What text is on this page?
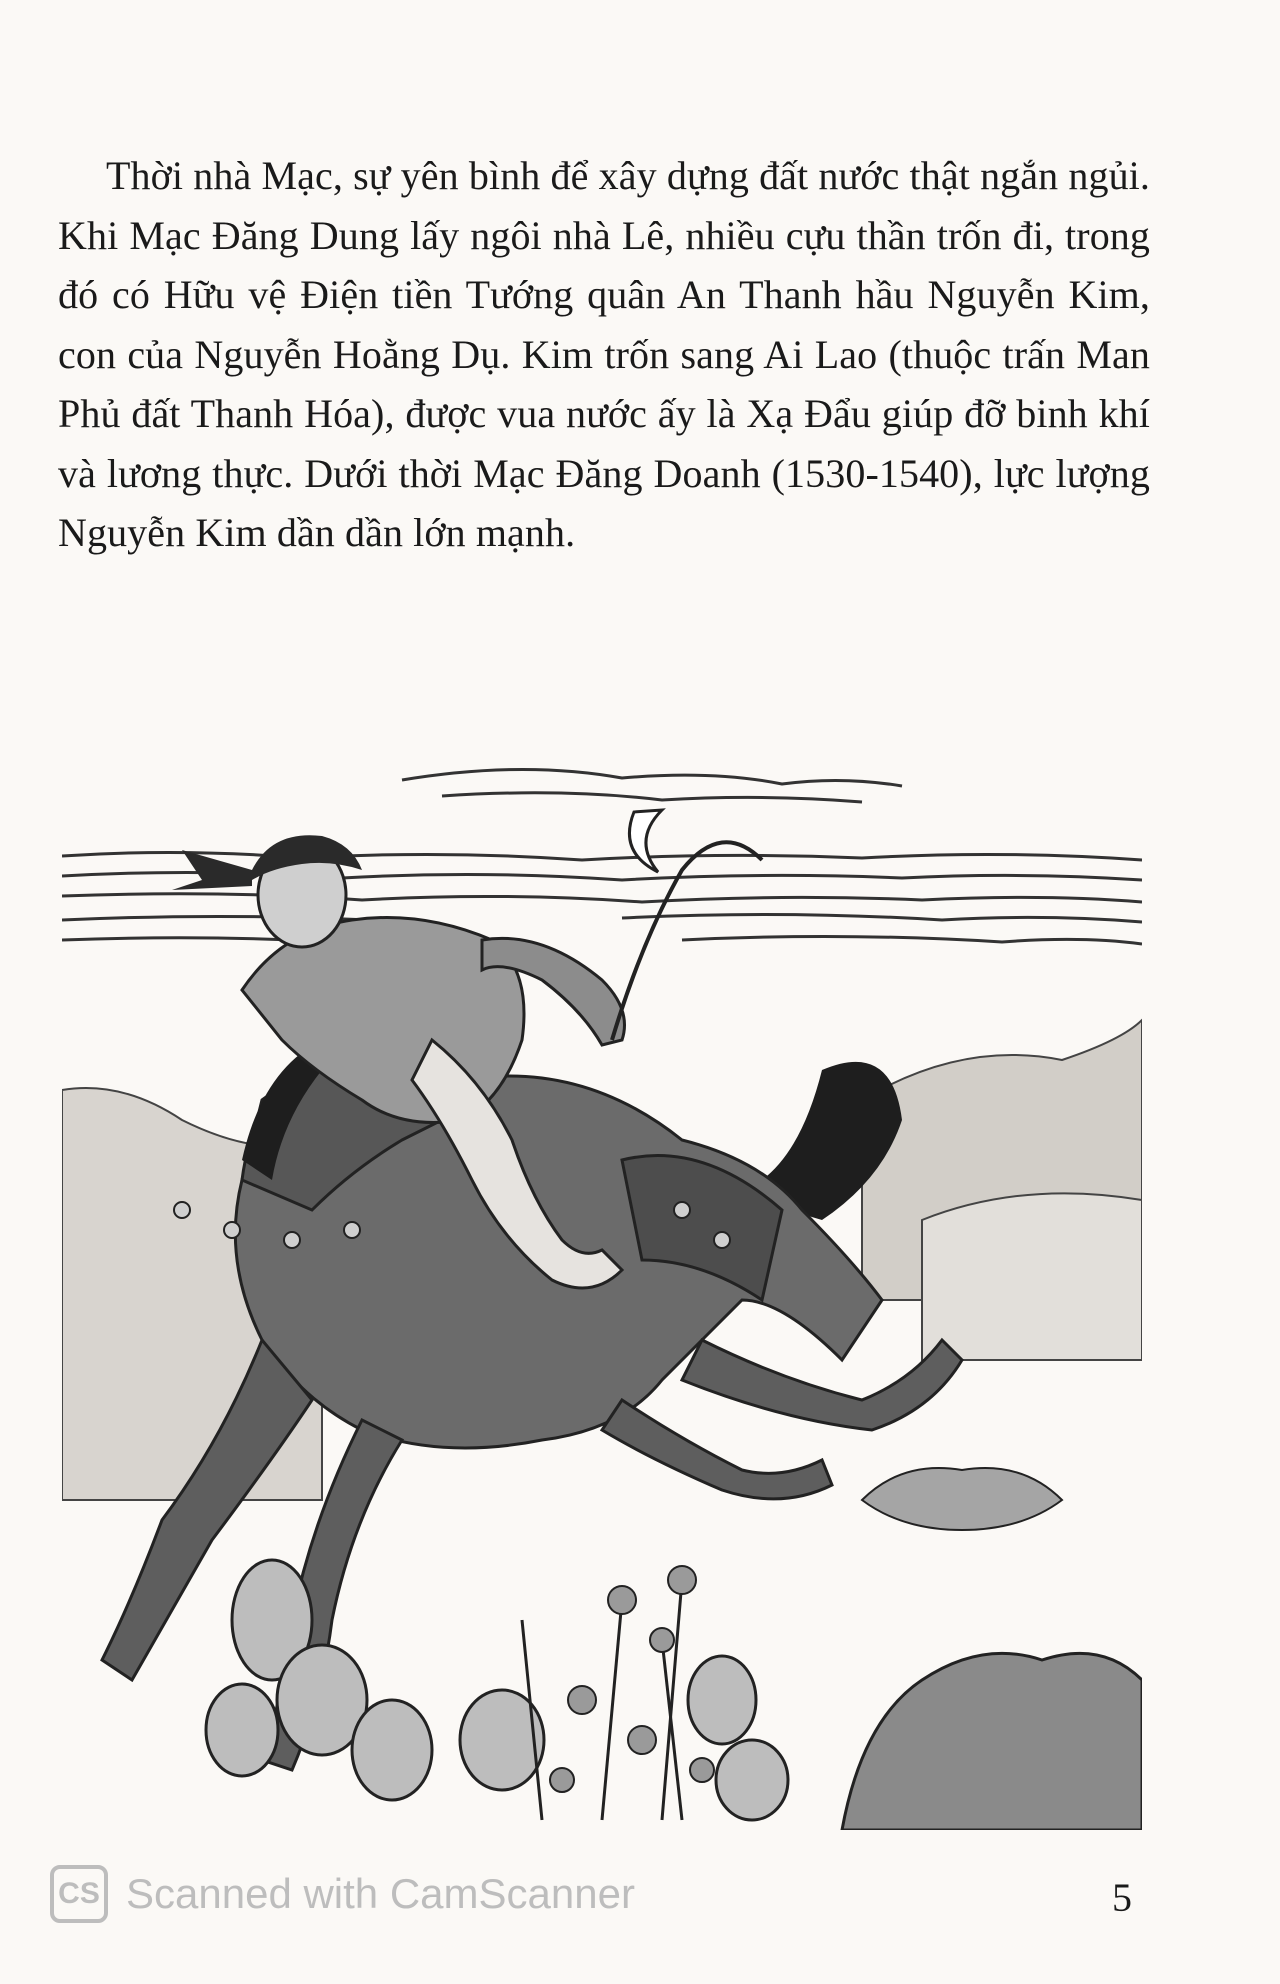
Thời nhà Mạc, sự yên bình để xây dựng đất nước thật ngắn ngủi. Khi Mạc Đăng Dung lấy ngôi nhà Lê, nhiều cựu thần trốn đi, trong đó có Hữu vệ Điện tiền Tướng quân An Thanh hầu Nguyễn Kim, con của Nguyễn Hoằng Dụ. Kim trốn sang Ai Lao (thuộc trấn Man Phủ đất Thanh Hóa), được vua nước ấy là Xạ Đẩu giúp đỡ binh khí và lương thực. Dưới thời Mạc Đăng Doanh (1530-1540), lực lượng Nguyễn Kim dần dần lớn mạnh.

CS Scanned with CamScanner	5
